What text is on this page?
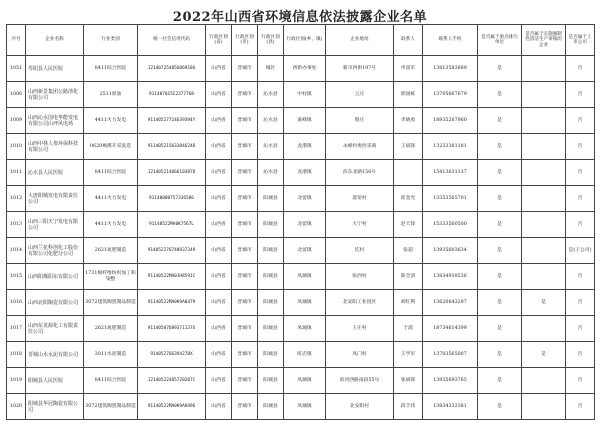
2022年山西省环境信息依法披露企业名单
序号	企业名称	行业类别	统一社会信用代码	行政区划(省)	行政区划(市)	行政区划(县)	行政区划(乡、镇)	企业地址	联系人	联系人手机	是否属于重点排污单位	是否属于实施强制性清洁生产审核的企业	是否属于上市公司
1051	寿阳县人民医院	8411综合医院	12140725405606918U	山西省	晋城市	城区	西街办事处	新市西街197号	申富军	13813583689	是		否
1006	山西新景集团公路清化有限公司	2511原油	911407015C2377768	山西省	晋城市	沁水县	中村镇	云庄	邢国栋	13705667679	是		否
1009	山西沁水国电华能发电有限公司山坪风电场	4411火力发电	91140527724639394Y	山西省	晋城市	沁水县	嘉峰镇	殷庄	李晓勇	18935267960	是		否
1010	山西中林人参环保科技有限公司	0620褐煤开采洗选	91140521563384624D	山西省	晋城市	沁水县	龙港镇	永峰村委西采商	王斌锋	13233381181	是		否
1011	沁水县人民医院	8411综合医院	12140521406610387D	山西省	晋城市	沁水县	龙港镇	滨东北路156号		15413631137	是		否
1012	大唐阳城发电有限责任公司	4411火力发电	91140000757336586	山西省	晋城市	阳城县	北留镇	落窑村	崔金光	13353565701	是		否
1013	山西三阳天宁发电有限公司	4411火力发电	91140522MA0K7567L	山西省	晋城市	阳城县	北留镇	大宁村	赵天锋	15333560500	是		否
1014	山西兰花科创化工股份有限公司化肥分公司	2621氮肥制造	914052276748937349	山西省	晋城市	阳城县	北留镇	圪村	张超	13935603634	是		是(子公司)
1015	山西阳煤阳东有限公司	1731棉纤维纺织加工和染整	91140522MA0JH8591C	山西省	晋城市	阳城县	凤城镇	张西村	陈全清	13834938536	是		否
1016	山西北阳陶瓷有限公司	3072建筑陶瓷制品制造	91140522MA0K9A8479	山西省	晋城市	阳城县	凤城镇	北安阳工业园区	胡红利	13620643297	是	是	否
1017	山西东龙源化工有限责任公司	2621氮肥制造	91140507689371137X	山西省	晋城市	阳城县	凤城镇	王庄村	于浦	18734614399	是		否
1018	晋城山水水泥有限公司	3011水泥制造	914052766394278X	山西省	晋城市	阳城县	町店镇	凤门村	王学军	13703565007	是	是	否
1019	阳城县人民医院	8411综合医院	12140522405720207C	山西省	晋城市	阳城县	凤城镇	滨河西路南段55号	张斌锋	13935693765	是		否
1020	阳城县华冠陶瓷有限公司	3072建筑陶瓷制品制造	91140522MA0K9A8496	山西省	晋城市	阳城县	凤城镇	北安阳村	段丰伟	13834332381	是		否
